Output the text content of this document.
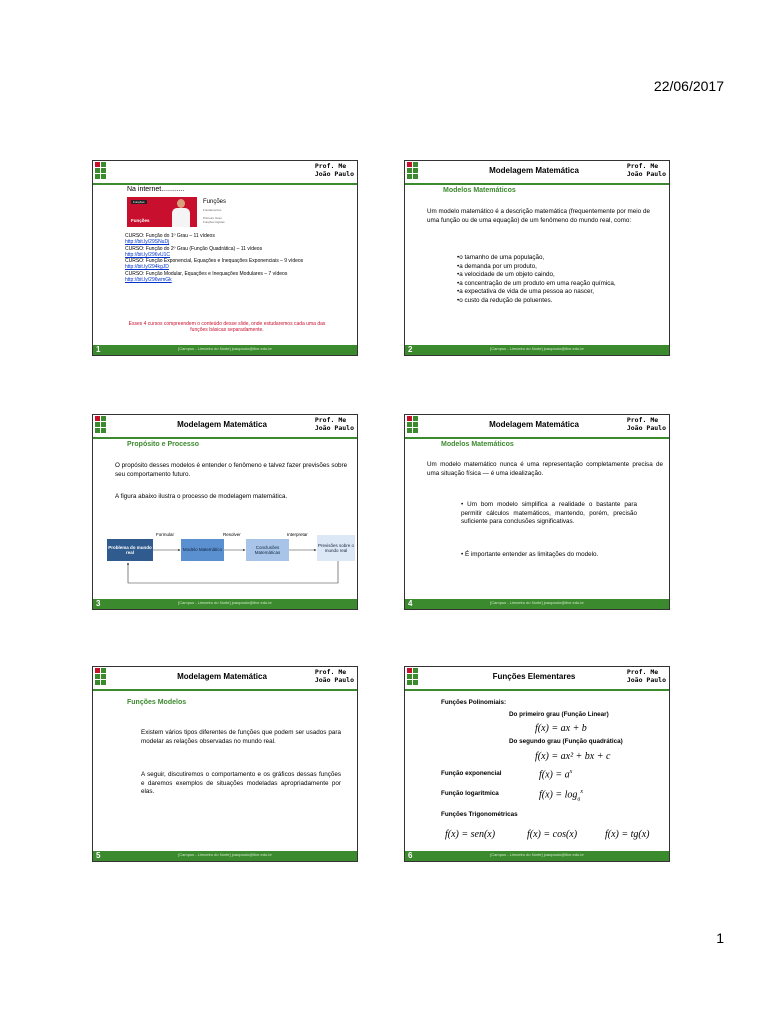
22/06/2017
1
Prof. Me
João Paulo
Na internet............
Funções
Funções
Funções
Fundamentos
Primeiro Grau
Funções lógicas
CURSO: Função do 1º Grau – 11 vídeos
http://bit.ly/29SNuDj
CURSO: Função do 2º Grau (Função Quadrática) – 11 vídeos
http://bit.ly/296vU1C
CURSO: Função Exponencial, Equações e Inequações Exponenciais – 9 vídeos
http://bit.ly/294kgJD
CURSO: Função Modular, Equações e Inequações Modulares – 7 vídeos
http://bit.ly/296wmGk
Esses 4 cursos compreendem o conteúdo desse slide, onde estudaremos cada uma das funções básicas separadamente.
[Campus - Limoeiro do Norte] joaopaulo@ifce.edu.br
1
Modelagem Matemática	Prof. Me
João Paulo
Modelos Matemáticos
Um modelo matemático é a descrição matemática (frequentemente por meio de uma função ou de uma equação) de um fenômeno do mundo real, como:
•o tamanho de uma população,
•a demanda por um produto,
•a velocidade de um objeto caindo,
•a concentração de um produto em uma reação química,
•a expectativa de vida de uma pessoa ao nascer,
•o custo da redução de poluentes.
[Campus - Limoeiro do Norte] joaopaulo@ifce.edu.br
2
Modelagem Matemática	Prof. Me
João Paulo
Propósito e Processo
O propósito desses modelos é entender o fenômeno e talvez fazer previsões sobre seu comportamento futuro.
A figura abaixo ilustra o processo de modelagem matemática.
Problema do mundo real
Modelo Matemático
Conclusões Matemáticas
Previsões sobre o mundo real
Formular	Resolver	Interpretar
[Campus - Limoeiro do Norte] joaopaulo@ifce.edu.br
3
Modelagem Matemática	Prof. Me
João Paulo
Modelos Matemáticos
Um modelo matemático nunca é uma representação completamente precisa de uma situação física — é uma idealização.
• Um bom modelo simplifica a realidade o bastante para permitir cálculos matemáticos, mantendo, porém, precisão suficiente para conclusões significativas.
• É importante entender as limitações do modelo.
[Campus - Limoeiro do Norte] joaopaulo@ifce.edu.br
4
Modelagem Matemática	Prof. Me
João Paulo
Funções Modelos
Existem vários tipos diferentes de funções que podem ser usados para modelar as relações observadas no mundo real.
A seguir, discutiremos o comportamento e os gráficos dessas funções e daremos exemplos de situações modeladas apropriadamente por elas.
[Campus - Limoeiro do Norte] joaopaulo@ifce.edu.br
5
Funções Elementares	Prof. Me
João Paulo
Funções Polinomiais:
Do primeiro grau (Função Linear)
f(x) = ax + b
Do segundo grau (Função quadrática)
f(x) = ax² + bx + c
Função exponencial	$f(x) = a^x$
Função logarítmica	$f(x) = \log_a^x$
Funções Trigonométricas
f(x) = sen(x)	f(x) = cos(x)	f(x) = tg(x)
[Campus - Limoeiro do Norte] joaopaulo@ifce.edu.br
6
